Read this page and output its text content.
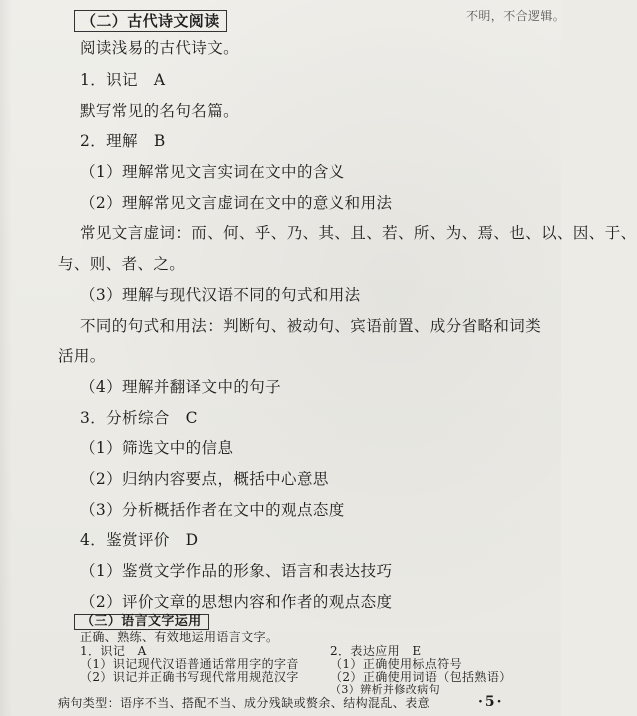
不明，不合逻辑。
（二）古代诗文阅读
阅读浅易的古代诗文。
1．识记　A
默写常见的名句名篇。
2．理解　B
（1）理解常见文言实词在文中的含义
（2）理解常见文言虚词在文中的意义和用法
常见文言虚词：而、何、乎、乃、其、且、若、所、为、焉、也、以、因、于、
与、则、者、之。
（3）理解与现代汉语不同的句式和用法
不同的句式和用法：判断句、被动句、宾语前置、成分省略和词类
活用。
（4）理解并翻译文中的句子
3．分析综合　C
（1）筛选文中的信息
（2）归纳内容要点，概括中心意思
（3）分析概括作者在文中的观点态度
4．鉴赏评价　D
（1）鉴赏文学作品的形象、语言和表达技巧
（2）评价文章的思想内容和作者的观点态度
（三）语言文字运用
正确、熟练、有效地运用语言文字。
1．识记　A
（1）识记现代汉语普通话常用字的字音
（2）识记并正确书写现代常用规范汉字
2．表达应用　E
（1）正确使用标点符号
（2）正确使用词语（包括熟语）
（3）辨析并修改病句
病句类型：语序不当、搭配不当、成分残缺或赘余、结构混乱、表意	·5·
